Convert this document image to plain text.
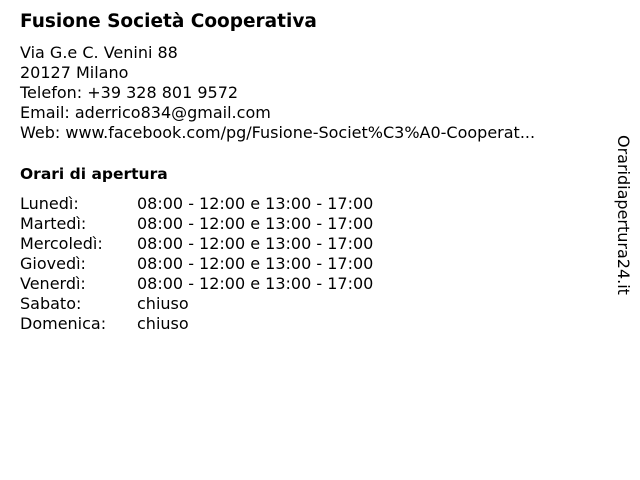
Fusione Società Cooperativa
Via G.e C. Venini 88
20127 Milano
Telefon: +39 328 801 9572
Email: aderrico834@gmail.com
Web: www.facebook.com/pg/Fusione-Societ%C3%A0-Cooperat...
Orari di apertura
Lunedì:	08:00 - 12:00 e 13:00 - 17:00
Martedì:	08:00 - 12:00 e 13:00 - 17:00
Mercoledì: 08:00 - 12:00 e 13:00 - 17:00
Giovedì:	08:00 - 12:00 e 13:00 - 17:00
Venerdì:	08:00 - 12:00 e 13:00 - 17:00
Sabato:	chiuso
Domenica: chiuso
Oraridiapertura24.it
